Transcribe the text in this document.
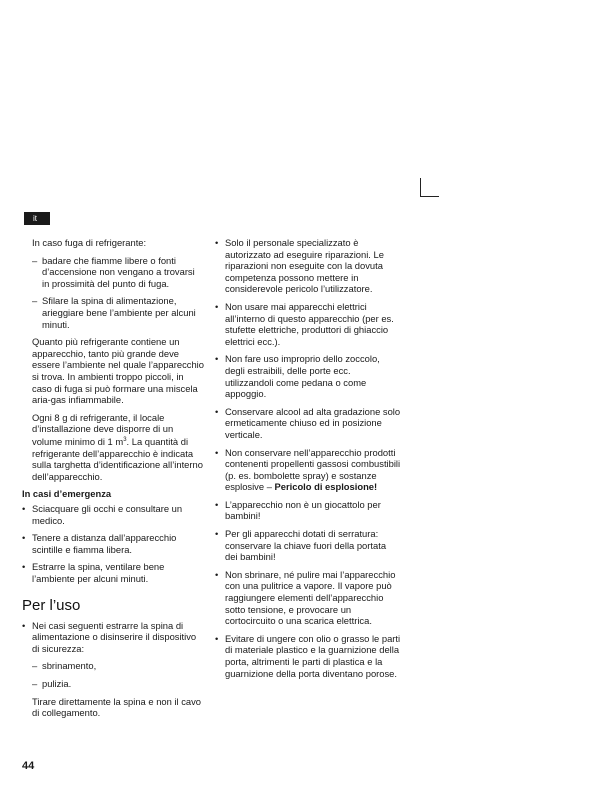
it

In caso fuga di refrigerante:

– badare che fiamme libere o fonti d’accensione non vengano a trovarsi in prossimità del punto di fuga.

– Sfilare la spina di alimentazione, arieggiare bene l’ambiente per alcuni minuti.

Quanto più refrigerante contiene un apparecchio, tanto più grande deve essere l’ambiente nel quale l’apparecchio si trova. In ambienti troppo piccoli, in caso di fuga si può formare una miscela aria-gas infiammabile.

Ogni 8 g di refrigerante, il locale d’installazione deve disporre di un volume minimo di 1 $m^3$. La quantità di refrigerante dell’apparecchio è indicata sulla targhetta d’identificazione all’interno dell’apparecchio.

In casi d’emergenza

• Sciacquare gli occhi e consultare un medico.

• Tenere a distanza dall’apparecchio scintille e fiamma libera.

• Estrarre la spina, ventilare bene l’ambiente per alcuni minuti.

Per l’uso

• Nei casi seguenti estrarre la spina di alimentazione o disinserire il dispositivo di sicurezza:

– sbrinamento,

– pulizia.

Tirare direttamente la spina e non il cavo di collegamento.

• Solo il personale specializzato è autorizzato ad eseguire riparazioni. Le riparazioni non eseguite con la dovuta competenza possono mettere in considerevole pericolo l’utilizzatore.

• Non usare mai apparecchi elettrici all’interno di questo apparecchio (per es. stufette elettriche, produttori di ghiaccio elettrici ecc.).

• Non fare uso improprio dello zoccolo, degli estraibili, delle porte ecc. utilizzandoli come pedana o come appoggio.

• Conservare alcool ad alta gradazione solo ermeticamente chiuso ed in posizione verticale.

• Non conservare nell’apparecchio prodotti contenenti propellenti gassosi combustibili (p. es. bombolette spray) e sostanze esplosive – Pericolo di esplosione!

• L’apparecchio non è un giocattolo per bambini!

• Per gli apparecchi dotati di serratura: conservare la chiave fuori della portata dei bambini!

• Non sbrinare, né pulire mai l’apparecchio con una pulitrice a vapore. Il vapore può raggiungere elementi dell’apparecchio sotto tensione, e provocare un cortocircuito o una scarica elettrica.

• Evitare di ungere con olio o grasso le parti di materiale plastico e la guarnizione della porta, altrimenti le parti di plastica e la guarnizione della porta diventano porose.

44
